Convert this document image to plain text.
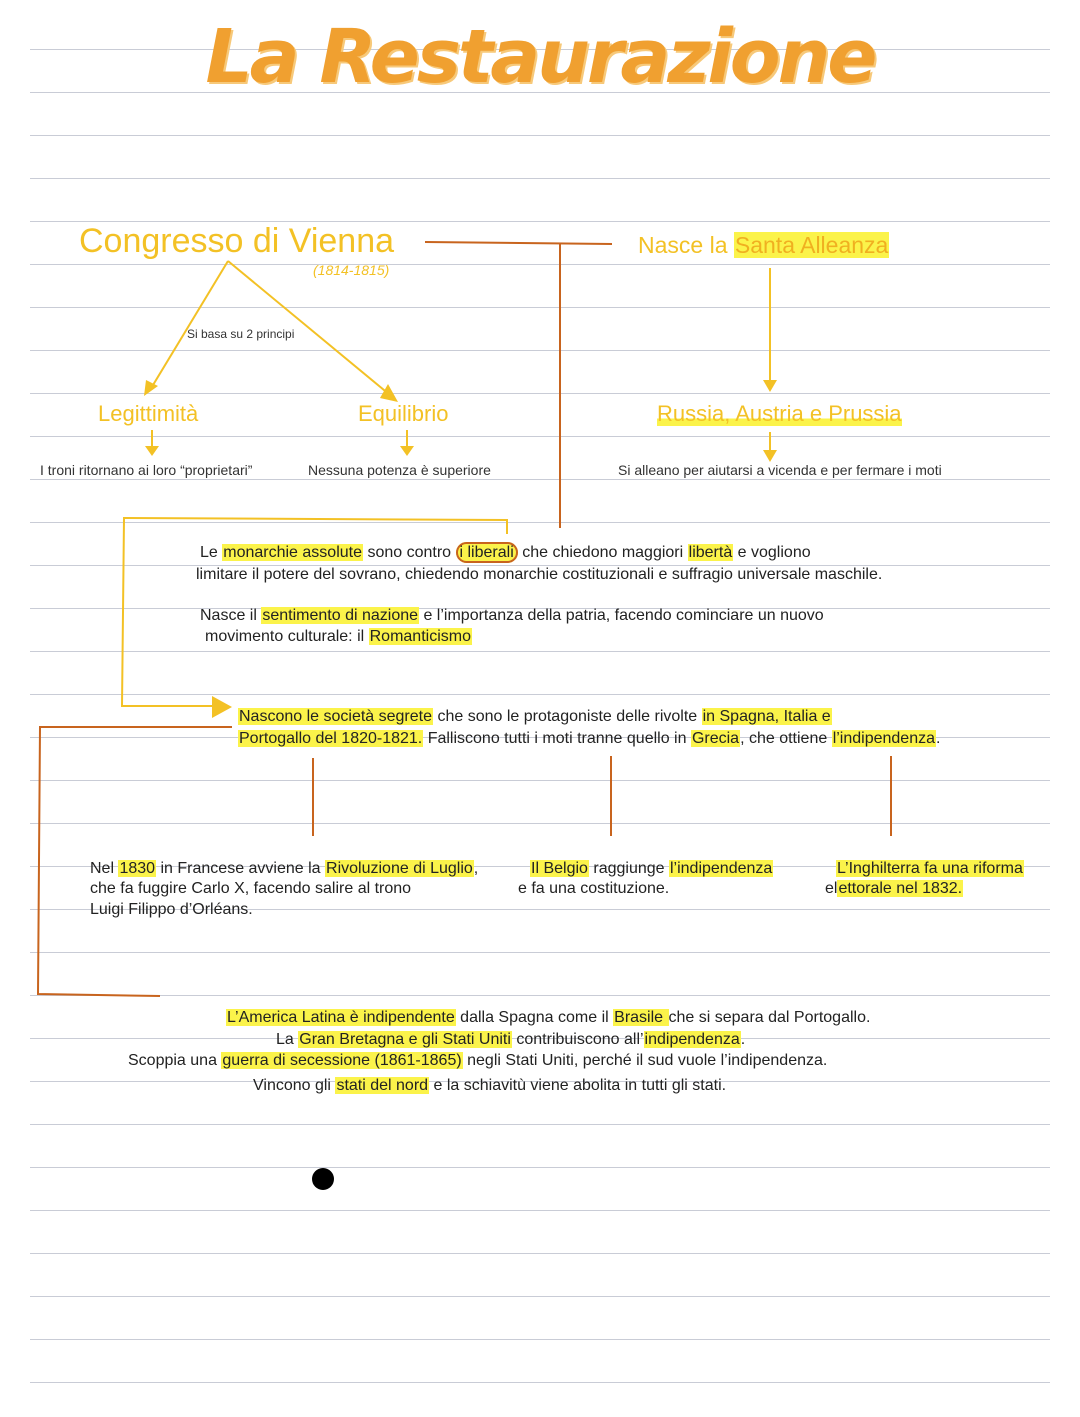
La Restaurazione
Congresso di Vienna
(1814-1815)
Si basa su 2 principi
Legittimità	Equilibrio
I troni ritornano ai loro “proprietari”	Nessuna potenza è superiore
Nasce la Santa Alleanza
Russia, Austria e Prussia
Si alleano per aiutarsi a vicenda e per fermare i moti
Le monarchie assolute sono contro i liberali che chiedono maggiori libertà e vogliono
limitare il potere del sovrano, chiedendo monarchie costituzionali e suffragio universale maschile.
Nasce il sentimento di nazione e l’importanza della patria, facendo cominciare un nuovo
movimento culturale: il Romanticismo
Nascono le società segrete che sono le protagoniste delle rivolte in Spagna, Italia e
Portogallo del 1820-1821. Falliscono tutti i moti tranne quello in Grecia, che ottiene l’indipendenza.
Nel 1830 in Francese avviene la Rivoluzione di Luglio,
che fa fuggire Carlo X, facendo salire al trono
Luigi Filippo d’Orléans.
Il Belgio raggiunge l’indipendenza
e fa una costituzione.
L’Inghilterra fa una riforma
elettorale nel 1832.
L’America Latina è indipendente dalla Spagna come il Brasile che si separa dal Portogallo.
La Gran Bretagna e gli Stati Uniti contribuiscono all’indipendenza.
Scoppia una guerra di secessione (1861-1865) negli Stati Uniti, perché il sud vuole l’indipendenza.
Vincono gli stati del nord e la schiavitù viene abolita in tutti gli stati.
